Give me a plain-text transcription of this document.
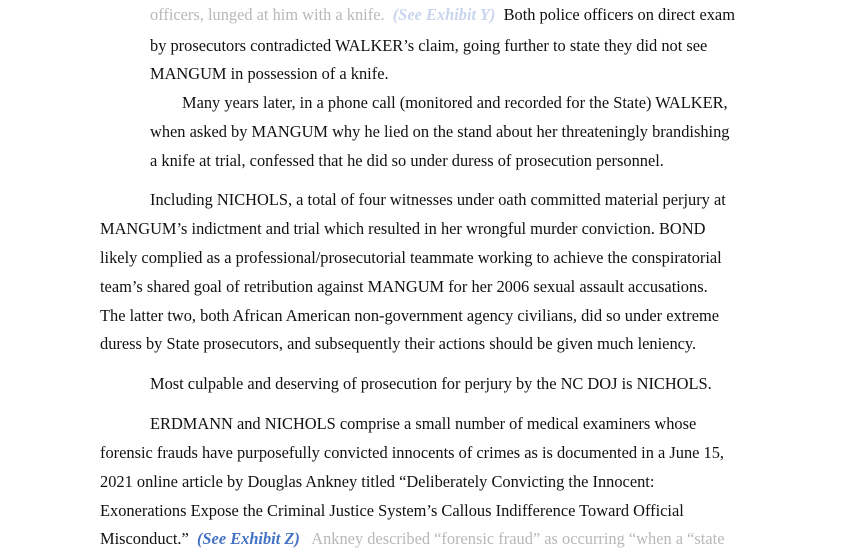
officers, lunged at him with a knife. (See Exhibit Y) Both police officers on direct exam
by prosecutors contradicted WALKER’s claim, going further to state they did not see
MANGUM in possession of a knife.
Many years later, in a phone call (monitored and recorded for the State) WALKER,
when asked by MANGUM why he lied on the stand about her threateningly brandishing
a knife at trial, confessed that he did so under duress of prosecution personnel.
Including NICHOLS, a total of four witnesses under oath committed material perjury at
MANGUM’s indictment and trial which resulted in her wrongful murder conviction. BOND
likely complied as a professional/prosecutorial teammate working to achieve the conspiratorial
team’s shared goal of retribution against MANGUM for her 2006 sexual assault accusations.
The latter two, both African American non-government agency civilians, did so under extreme
duress by State prosecutors, and subsequently their actions should be given much leniency.
Most culpable and deserving of prosecution for perjury by the NC DOJ is NICHOLS.
ERDMANN and NICHOLS comprise a small number of medical examiners whose
forensic frauds have purposefully convicted innocents of crimes as is documented in a June 15,
2021 online article by Douglas Ankney titled “Deliberately Convicting the Innocent:
Exonerations Expose the Criminal Justice System’s Callous Indifference Toward Official
Misconduct.” (See Exhibit Z) Ankney described “forensic fraud” as occurring “when a “state
